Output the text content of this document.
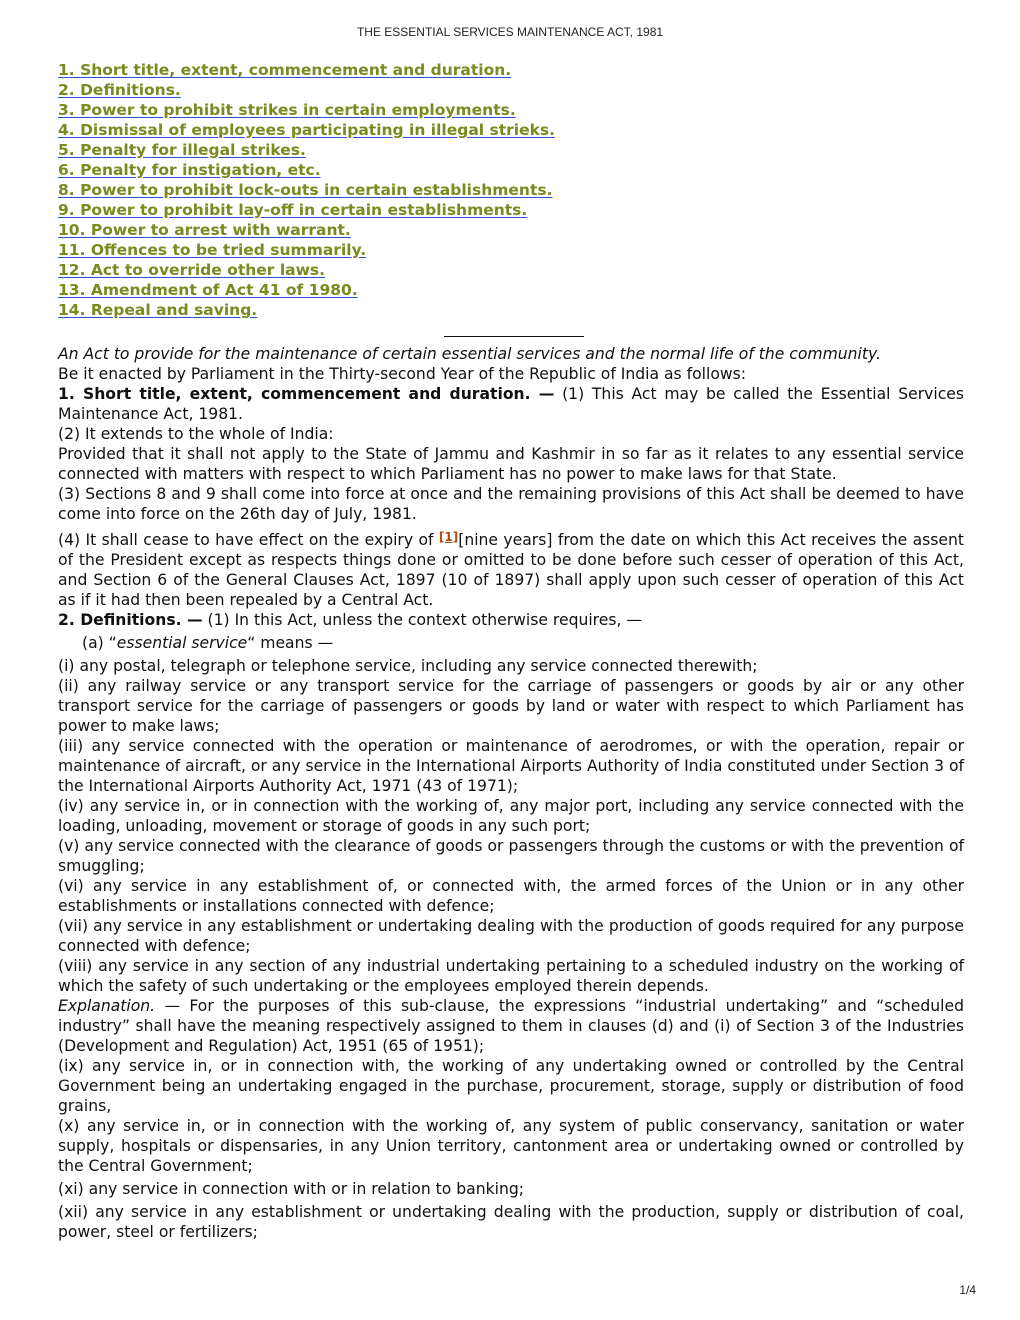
THE ESSENTIAL SERVICES MAINTENANCE ACT, 1981
1. Short title, extent, commencement and duration.
2. Definitions.
3. Power to prohibit strikes in certain employments.
4. Dismissal of employees participating in illegal strieks.
5. Penalty for illegal strikes.
6. Penalty for instigation, etc.
8. Power to prohibit lock-outs in certain establishments.
9. Power to prohibit lay-off in certain establishments.
10. Power to arrest with warrant.
11. Offences to be tried summarily.
12. Act to override other laws.
13. Amendment of Act 41 of 1980.
14. Repeal and saving.

An Act to provide for the maintenance of certain essential services and the normal life of the community.

Be it enacted by Parliament in the Thirty-second Year of the Republic of India as follows:

1. Short title, extent, commencement and duration. — (1) This Act may be called the Essential Services Maintenance Act, 1981.

(2) It extends to the whole of India:

Provided that it shall not apply to the State of Jammu and Kashmir in so far as it relates to any essential service connected with matters with respect to which Parliament has no power to make laws for that State.

(3) Sections 8 and 9 shall come into force at once and the remaining provisions of this Act shall be deemed to have come into force on the 26th day of July, 1981.

(4) It shall cease to have effect on the expiry of [1][nine years] from the date on which this Act receives the assent of the President except as respects things done or omitted to be done before such cesser of operation of this Act, and Section 6 of the General Clauses Act, 1897 (10 of 1897) shall apply upon such cesser of operation of this Act as if it had then been repealed by a Central Act.

2. Definitions. — (1) In this Act, unless the context otherwise requires, —

(a) “essential service“ means —

(i) any postal, telegraph or telephone service, including any service connected therewith;

(ii) any railway service or any transport service for the carriage of passengers or goods by air or any other transport service for the carriage of passengers or goods by land or water with respect to which Parliament has power to make laws;

(iii) any service connected with the operation or maintenance of aerodromes, or with the operation, repair or maintenance of aircraft, or any service in the International Airports Authority of India constituted under Section 3 of the International Airports Authority Act, 1971 (43 of 1971);

(iv) any service in, or in connection with the working of, any major port, including any service connected with the loading, unloading, movement or storage of goods in any such port;

(v) any service connected with the clearance of goods or passengers through the customs or with the prevention of smuggling;

(vi) any service in any establishment of, or connected with, the armed forces of the Union or in any other establishments or installations connected with defence;

(vii) any service in any establishment or undertaking dealing with the production of goods required for any purpose connected with defence;

(viii) any service in any section of any industrial undertaking pertaining to a scheduled industry on the working of which the safety of such undertaking or the employees employed therein depends.

Explanation. — For the purposes of this sub-clause, the expressions “industrial undertaking” and “scheduled industry” shall have the meaning respectively assigned to them in clauses (d) and (i) of Section 3 of the Industries (Development and Regulation) Act, 1951 (65 of 1951);

(ix) any service in, or in connection with, the working of any undertaking owned or controlled by the Central Government being an undertaking engaged in the purchase, procurement, storage, supply or distribution of food grains,

(x) any service in, or in connection with the working of, any system of public conservancy, sanitation or water supply, hospitals or dispensaries, in any Union territory, cantonment area or undertaking owned or controlled by the Central Government;

(xi) any service in connection with or in relation to banking;

(xii) any service in any establishment or undertaking dealing with the production, supply or distribution of coal, power, steel or fertilizers;

1/4
